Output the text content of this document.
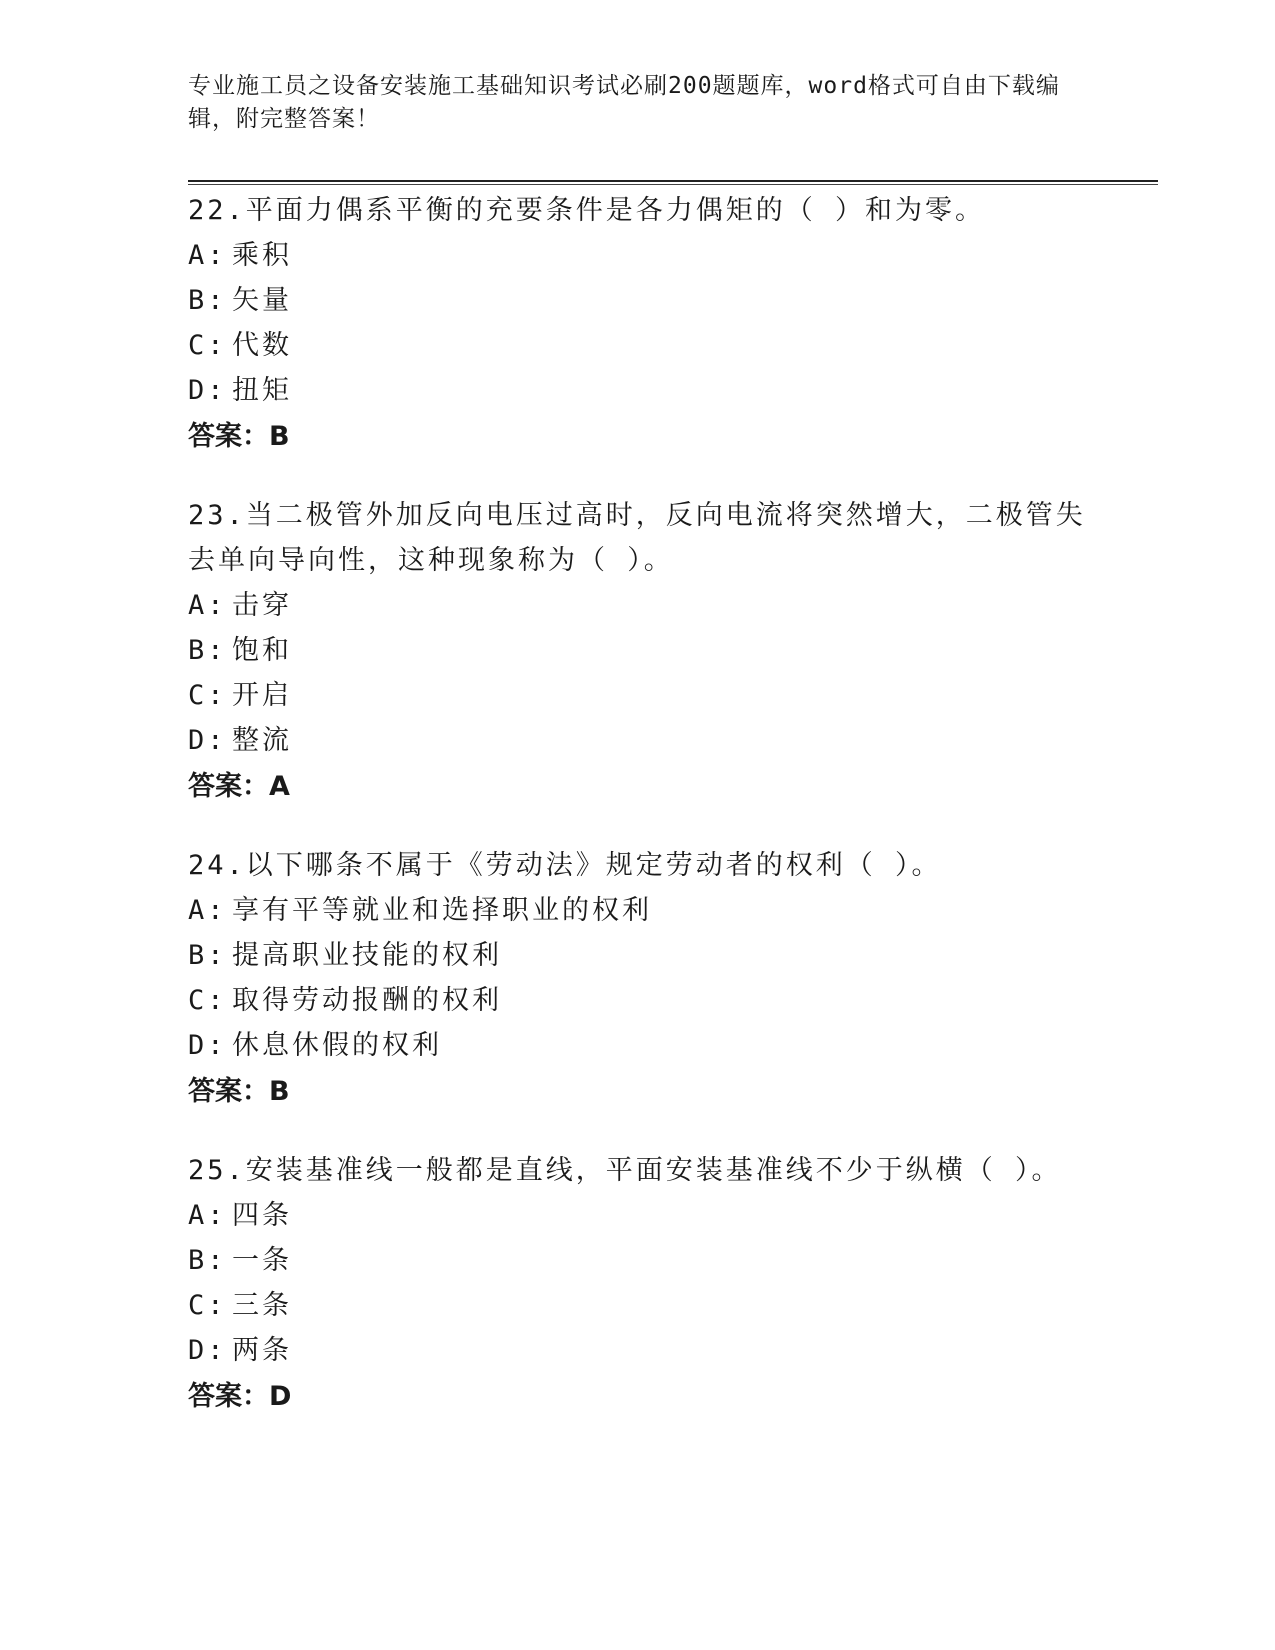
专业施工员之设备安装施工基础知识考试必刷200题题库，word格式可自由下载编辑，附完整答案！
22.平面力偶系平衡的充要条件是各力偶矩的（ ）和为零。
A: 乘积
B: 矢量
C: 代数
D: 扭矩
答案：B
23.当二极管外加反向电压过高时，反向电流将突然增大，二极管失去单向导向性，这种现象称为（ ）。
A: 击穿
B: 饱和
C: 开启
D: 整流
答案：A
24.以下哪条不属于《劳动法》规定劳动者的权利（ ）。
A: 享有平等就业和选择职业的权利
B: 提高职业技能的权利
C: 取得劳动报酬的权利
D: 休息休假的权利
答案：B
25.安装基准线一般都是直线，平面安装基准线不少于纵横（ ）。
A: 四条
B: 一条
C: 三条
D: 两条
答案：D
